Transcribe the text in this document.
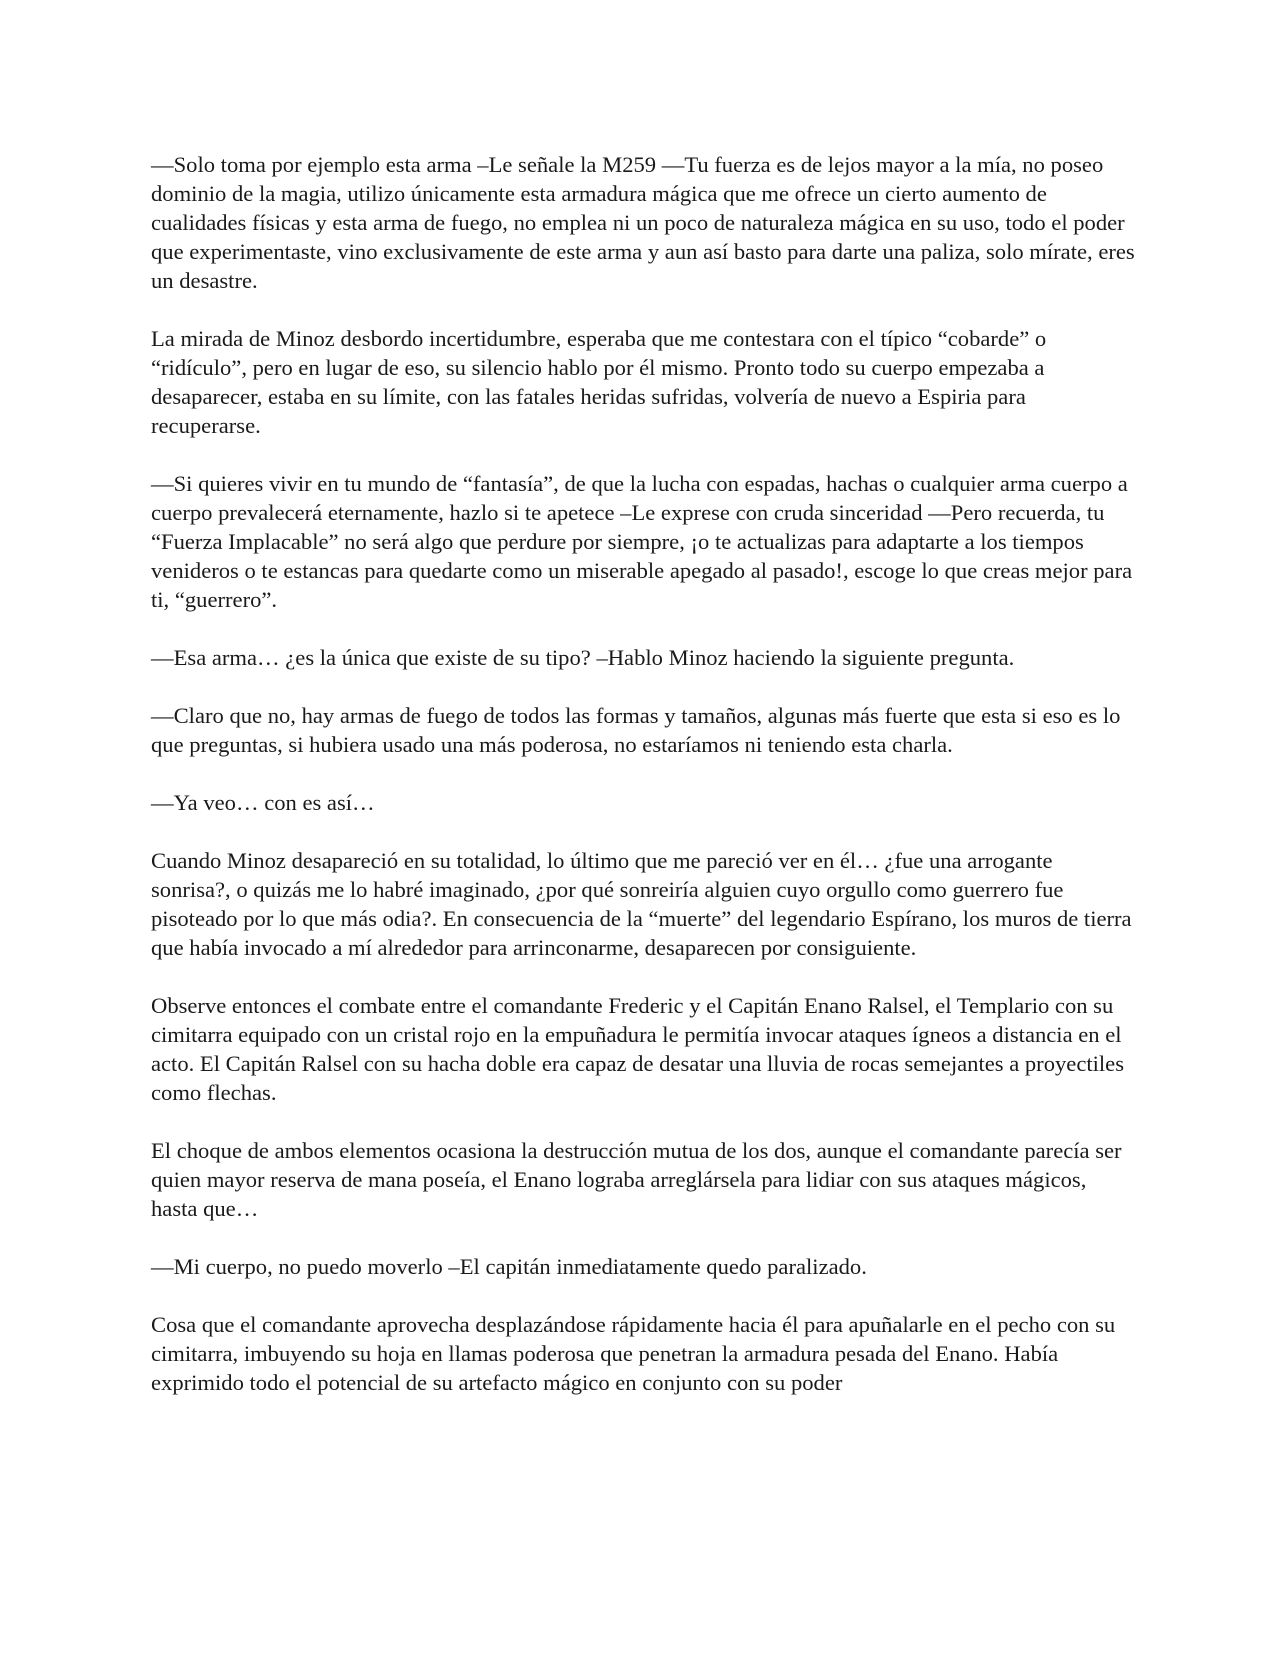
—Solo toma por ejemplo esta arma –Le señale la M259 —Tu fuerza es de lejos mayor a la mía, no poseo dominio de la magia, utilizo únicamente esta armadura mágica que me ofrece un cierto aumento de cualidades físicas y esta arma de fuego, no emplea ni un poco de naturaleza mágica en su uso, todo el poder que experimentaste, vino exclusivamente de este arma y aun así basto para darte una paliza, solo mírate, eres un desastre.

La mirada de Minoz desbordo incertidumbre, esperaba que me contestara con el típico “cobarde” o “ridículo”, pero en lugar de eso, su silencio hablo por él mismo. Pronto todo su cuerpo empezaba a desaparecer, estaba en su límite, con las fatales heridas sufridas, volvería de nuevo a Espiria para recuperarse.

—Si quieres vivir en tu mundo de “fantasía”, de que la lucha con espadas, hachas o cualquier arma cuerpo a cuerpo prevalecerá eternamente, hazlo si te apetece –Le exprese con cruda sinceridad —Pero recuerda, tu “Fuerza Implacable” no será algo que perdure por siempre, ¡o te actualizas para adaptarte a los tiempos venideros o te estancas para quedarte como un miserable apegado al pasado!, escoge lo que creas mejor para ti, “guerrero”.

—Esa arma… ¿es la única que existe de su tipo? –Hablo Minoz haciendo la siguiente pregunta.

—Claro que no, hay armas de fuego de todos las formas y tamaños, algunas más fuerte que esta si eso es lo que preguntas, si hubiera usado una más poderosa, no estaríamos ni teniendo esta charla.

—Ya veo… con es así…

Cuando Minoz desapareció en su totalidad, lo último que me pareció ver en él… ¿fue una arrogante sonrisa?, o quizás me lo habré imaginado, ¿por qué sonreiría alguien cuyo orgullo como guerrero fue pisoteado por lo que más odia?. En consecuencia de la “muerte” del legendario Espírano, los muros de tierra que había invocado a mí alrededor para arrinconarme, desaparecen por consiguiente.

Observe entonces el combate entre el comandante Frederic y el Capitán Enano Ralsel, el Templario con su cimitarra equipado con un cristal rojo en la empuñadura le permitía invocar ataques ígneos a distancia en el acto. El Capitán Ralsel con su hacha doble era capaz de desatar una lluvia de rocas semejantes a proyectiles como flechas.

El choque de ambos elementos ocasiona la destrucción mutua de los dos, aunque el comandante parecía ser quien mayor reserva de mana poseía, el Enano lograba arreglársela para lidiar con sus ataques mágicos, hasta que…

—Mi cuerpo, no puedo moverlo –El capitán inmediatamente quedo paralizado.

Cosa que el comandante aprovecha desplazándose rápidamente hacia él para apuñalarle en el pecho con su cimitarra, imbuyendo su hoja en llamas poderosa que penetran la armadura pesada del Enano. Había exprimido todo el potencial de su artefacto mágico en conjunto con su poder
